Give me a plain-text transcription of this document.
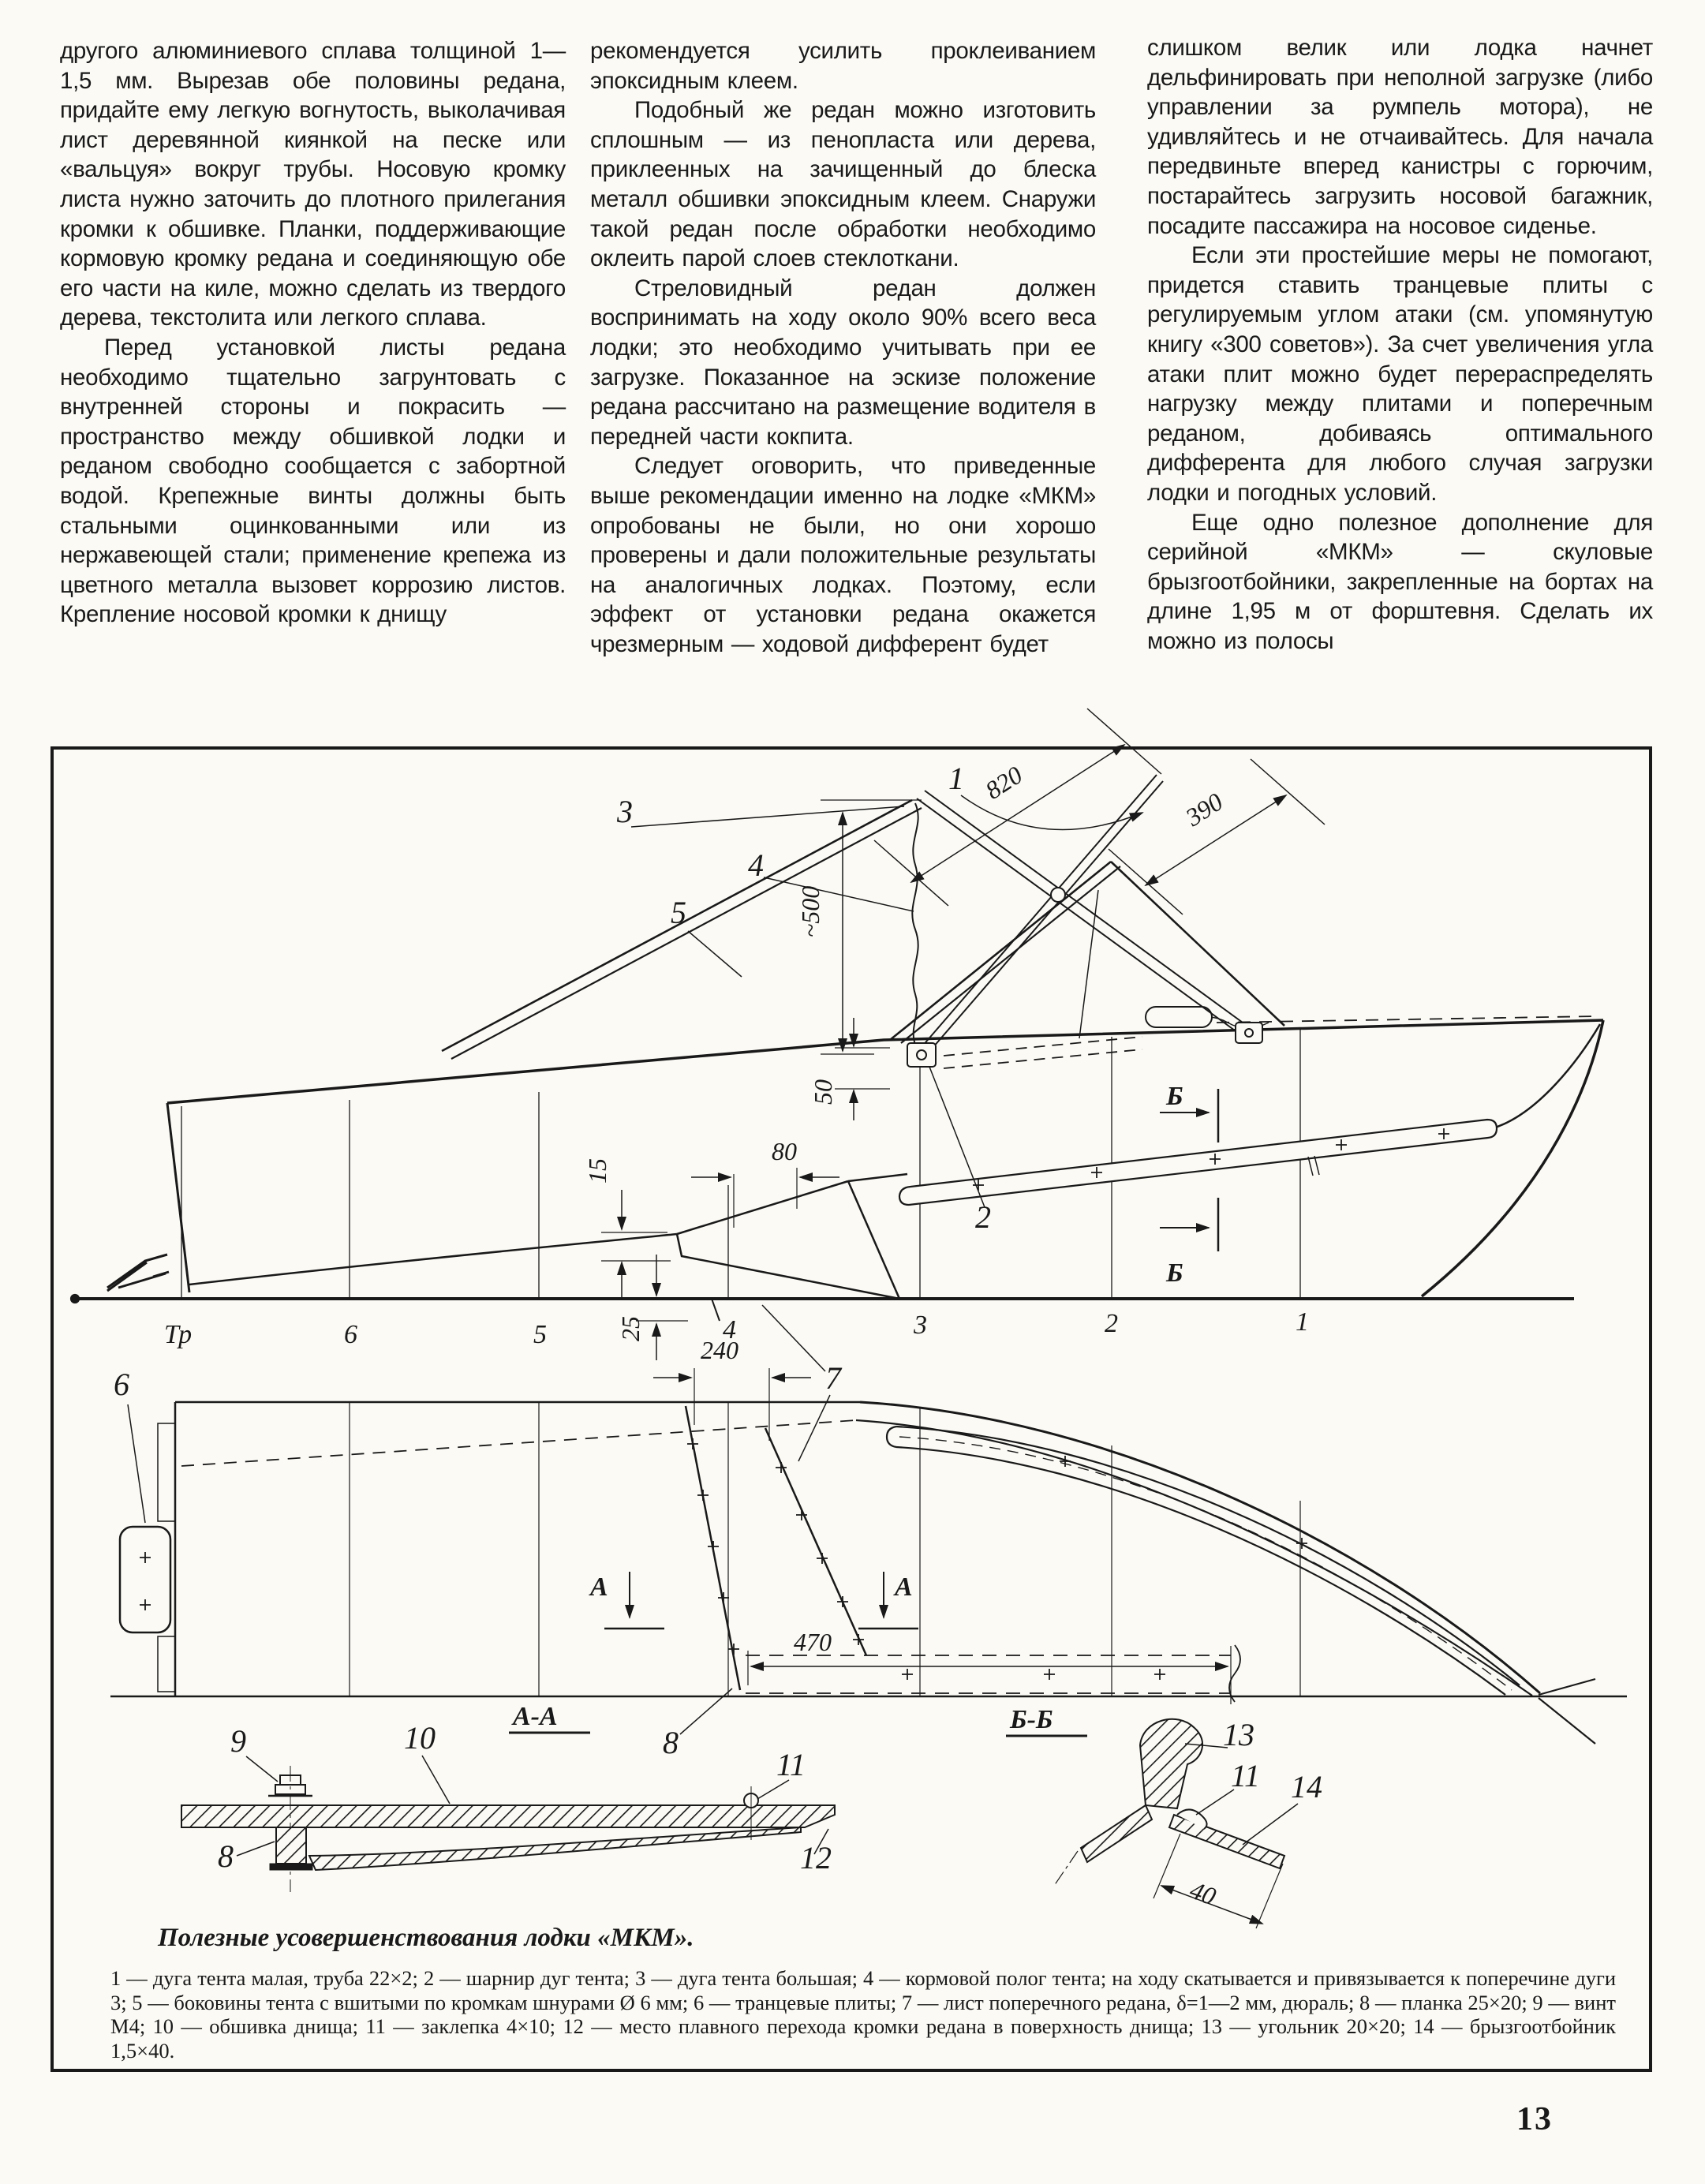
другого алюминиевого сплава толщиной 1—1,5 мм. Вырезав обе половины редана, придайте ему легкую вогнутость, выколачивая лист деревянной киянкой на песке или «вальцуя» вокруг трубы. Носовую кромку листа нужно заточить до плотного прилегания кромки к обшивке. Планки, поддерживающие кормовую кромку редана и соединяющую обе его части на киле, можно сделать из твердого дерева, текстолита или легкого сплава.

Перед установкой листы редана необходимо тщательно загрунтовать с внутренней стороны и покрасить — пространство между обшивкой лодки и реданом свободно сообщается с забортной водой. Крепежные винты должны быть стальными оцинкованными или из нержавеющей стали; применение крепежа из цветного металла вызовет коррозию листов. Крепление носовой кромки к днищу

рекомендуется усилить проклеиванием эпоксидным клеем.

Подобный же редан можно изготовить сплошным — из пенопласта или дерева, приклеенных на зачищенный до блеска металл обшивки эпоксидным клеем. Снаружи такой редан после обработки необходимо оклеить парой слоев стеклоткани.

Стреловидный редан должен воспринимать на ходу около 90% всего веса лодки; это необходимо учитывать при ее загрузке. Показанное на эскизе положение редана рассчитано на размещение водителя в передней части кокпита.

Следует оговорить, что приведенные выше рекомендации именно на лодке «МКМ» опробованы не были, но они хорошо проверены и дали положительные результаты на аналогичных лодках. Поэтому, если эффект от установки редана окажется чрезмерным — ходовой дифферент будет

слишком велик или лодка начнет дельфинировать при неполной загрузке (либо управлении за румпель мотора), не удивляйтесь и не отчаивайтесь. Для начала передвиньте вперед канистры с горючим, постарайтесь загрузить носовой багажник, посадите пассажира на носовое сиденье.

Если эти простейшие меры не помогают, придется ставить транцевые плиты с регулируемым углом атаки (см. упомянутую книгу «300 советов»). За счет увеличения угла атаки плит можно будет перераспределять нагрузку между плитами и поперечным реданом, добиваясь оптимального дифферента для любого случая загрузки лодки и погодных условий.

Еще одно полезное дополнение для серийной «МКМ» — скуловые брызгоотбойники, закрепленные на бортах на длине 1,95 м от форштевня. Сделать их можно из полосы

Тр	6	5	4	3	2	1
3
4
5
1
2
6	7
8
9	10
11
8	12
13
11 14
820
390
~500
50
15
25
80
240
470
40
Б
Б
А	А
А-А	Б-Б
Полезные усовершенствования лодки «МКМ».
1 — дуга тента малая, труба 22×2; 2 — шарнир дуг тента; 3 — дуга тента большая; 4 — кормовой полог тента; на ходу скатывается и привязывается к поперечине дуги 3; 5 — боковины тента с вшитыми по кромкам шнурами Ø 6 мм; 6 — транцевые плиты; 7 — лист поперечного редана, δ=1—2 мм, дюраль; 8 — планка 25×20; 9 — винт М4; 10 — обшивка днища; 11 — заклепка 4×10; 12 — место плавного перехода кромки редана в поверхность днища; 13 — угольник 20×20; 14 — брызгоотбойник 1,5×40.
13
